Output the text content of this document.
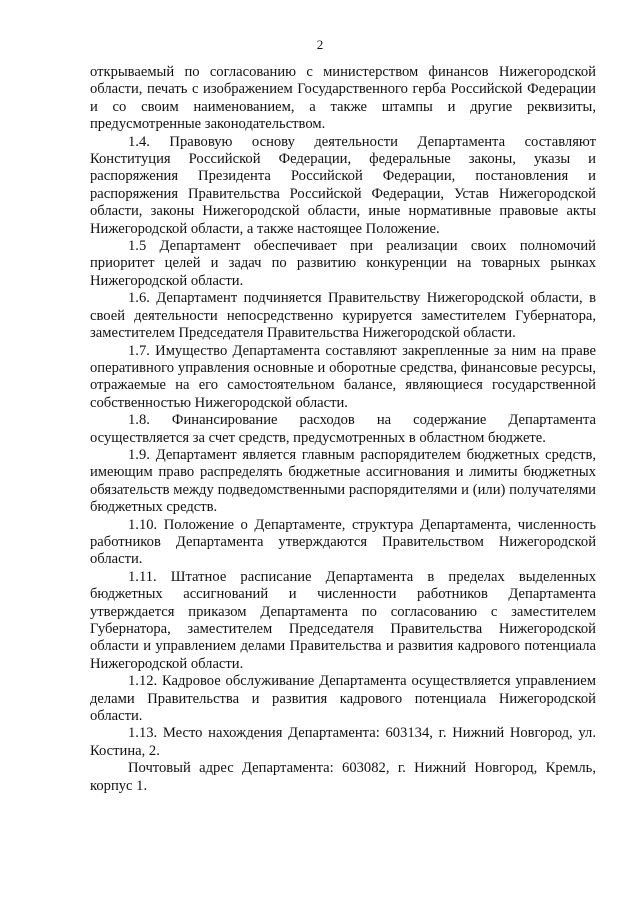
2

открываемый по согласованию с министерством финансов Нижегородской области, печать с изображением Государственного герба Российской Федерации и со своим наименованием, а также штампы и другие реквизиты, предусмотренные законодательством.

1.4. Правовую основу деятельности Департамента составляют Конституция Российской Федерации, федеральные законы, указы и распоряжения Президента Российской Федерации, постановления и распоряжения Правительства Российской Федерации, Устав Нижегородской области, законы Нижегородской области, иные нормативные правовые акты Нижегородской области, а также настоящее Положение.

1.5 Департамент обеспечивает при реализации своих полномочий приоритет целей и задач по развитию конкуренции на товарных рынках Нижегородской области.

1.6. Департамент подчиняется Правительству Нижегородской области, в своей деятельности непосредственно курируется заместителем Губернатора, заместителем Председателя Правительства Нижегородской области.

1.7. Имущество Департамента составляют закрепленные за ним на праве оперативного управления основные и оборотные средства, финансовые ресурсы, отражаемые на его самостоятельном балансе, являющиеся государственной собственностью Нижегородской области.

1.8. Финансирование расходов на содержание Департамента осуществляется за счет средств, предусмотренных в областном бюджете.

1.9. Департамент является главным распорядителем бюджетных средств, имеющим право распределять бюджетные ассигнования и лимиты бюджетных обязательств между подведомственными распорядителями и (или) получателями бюджетных средств.

1.10. Положение о Департаменте, структура Департамента, численность работников Департамента утверждаются Правительством Нижегородской области.

1.11. Штатное расписание Департамента в пределах выделенных бюджетных ассигнований и численности работников Департамента утверждается приказом Департамента по согласованию с заместителем Губернатора, заместителем Председателя Правительства Нижегородской области и управлением делами Правительства и развития кадрового потенциала Нижегородской области.

1.12. Кадровое обслуживание Департамента осуществляется управлением делами Правительства и развития кадрового потенциала Нижегородской области.

1.13. Место нахождения Департамента: 603134, г. Нижний Новгород, ул. Костина, 2.

Почтовый адрес Департамента: 603082, г. Нижний Новгород, Кремль, корпус 1.
